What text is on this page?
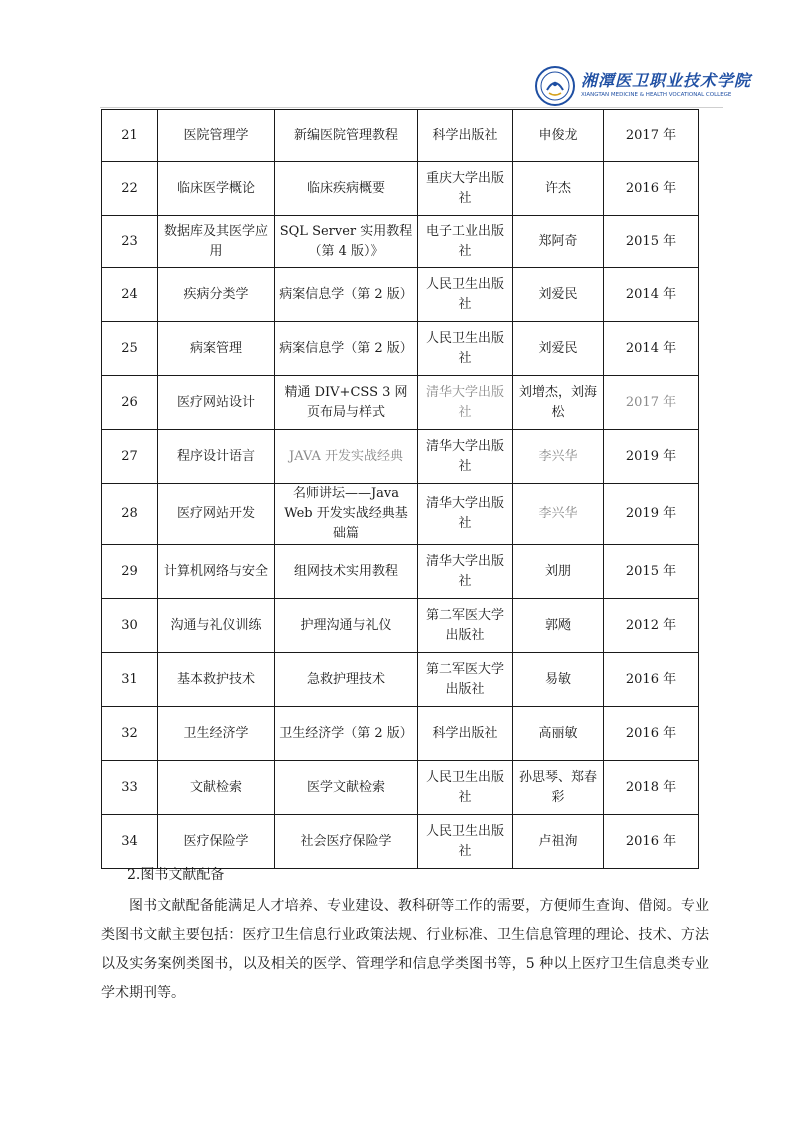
湘潭医卫职业技术学院
XIANGTAN MEDICINE & HEALTH VOCATIONAL COLLEGE
21	医院管理学	新编医院管理教程	科学出版社	申俊龙	2017 年
22	临床医学概论	临床疾病概要	重庆大学出版社	许杰	2016 年
23	数据库及其医学应用	SQL Server 实用教程（第 4 版）》	电子工业出版社	郑阿奇	2015 年
24	疾病分类学	病案信息学（第 2 版）	人民卫生出版社	刘爱民	2014 年
25	病案管理	病案信息学（第 2 版）	人民卫生出版社	刘爱民	2014 年
26	医疗网站设计	精通 DIV+CSS 3 网页布局与样式	清华大学出版社	刘增杰，刘海松	2017 年
27	程序设计语言	JAVA 开发实战经典	清华大学出版社	李兴华	2019 年
28	医疗网站开发	名师讲坛——Java Web 开发实战经典基础篇	清华大学出版社	李兴华	2019 年
29	计算机网络与安全	组网技术实用教程	清华大学出版社	刘朋	2015 年
30	沟通与礼仪训练	护理沟通与礼仪	第二军医大学出版社	郭飏	2012 年
31	基本救护技术	急救护理技术	第二军医大学出版社	易敏	2016 年
32	卫生经济学	卫生经济学（第 2 版）	科学出版社	高丽敏	2016 年
33	文献检索	医学文献检索	人民卫生出版社	孙思琴、郑春彩	2018 年
34	医疗保险学	社会医疗保险学	人民卫生出版社	卢祖洵	2016 年
2.图书文献配备
图书文献配备能满足人才培养、专业建设、教科研等工作的需要，方便师生查询、借阅。专业类图书文献主要包括：医疗卫生信息行业政策法规、行业标准、卫生信息管理的理论、技术、方法以及实务案例类图书，以及相关的医学、管理学和信息学类图书等，5 种以上医疗卫生信息类专业学术期刊等。
